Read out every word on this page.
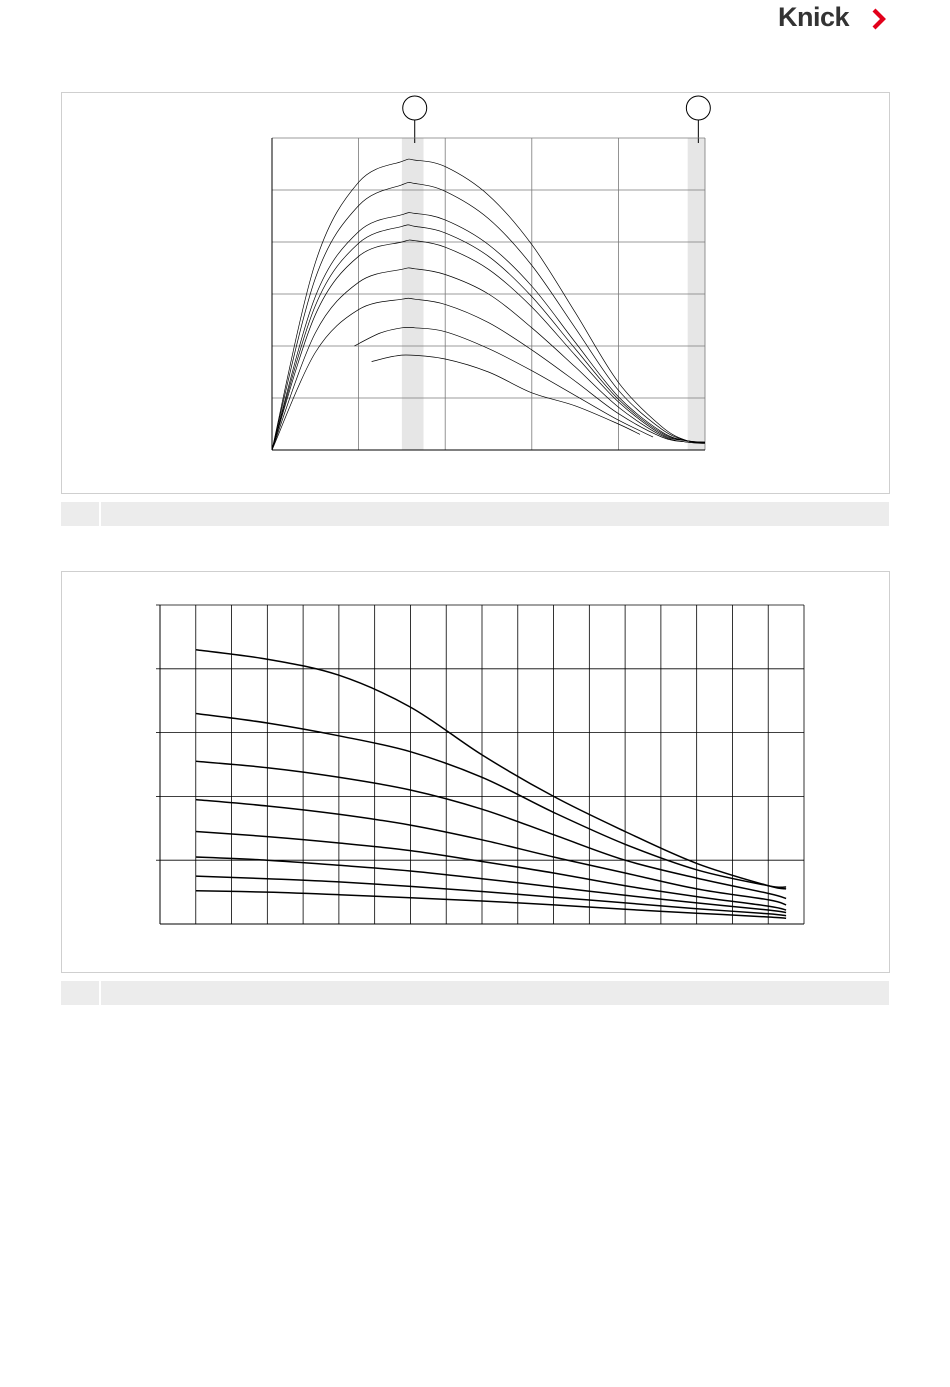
Knick
